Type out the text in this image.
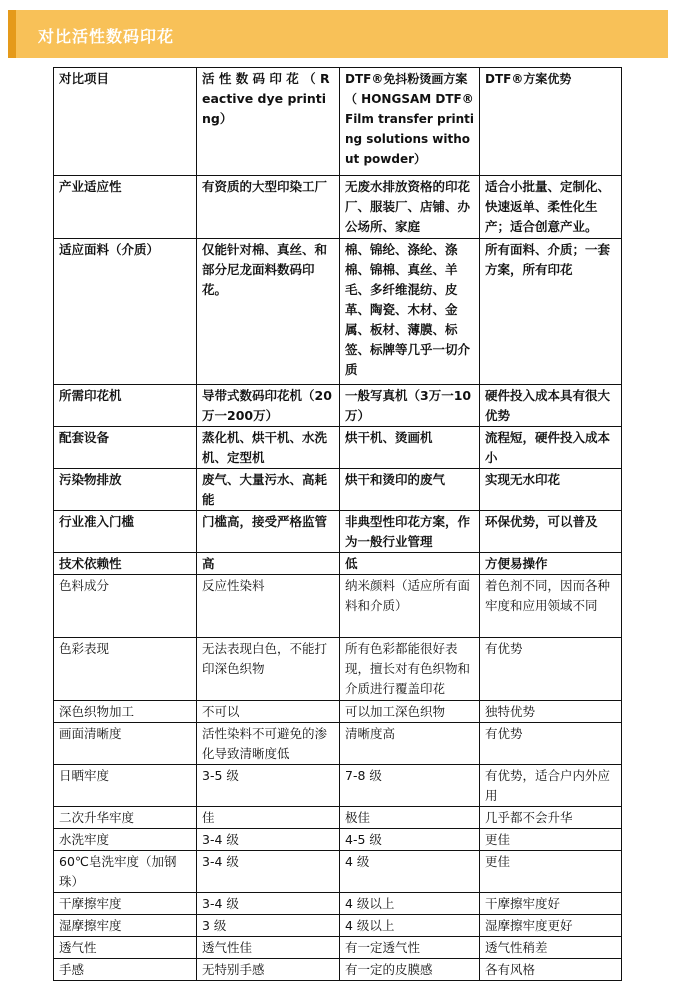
对比活性数码印花
对比项目	活 性 数 码 印 花 （ Reactive dye printing）	DTF®免抖粉烫画方案 （ HONGSAM DTF® Film transfer printing solutions without powder）	DTF®方案优势
产业适应性	有资质的大型印染工厂	无废水排放资格的印花厂、服装厂、店铺、办公场所、家庭	适合小批量、定制化、快速返单、柔性化生产；适合创意产业。
适应面料（介质）	仅能针对棉、真丝、和部分尼龙面料数码印花。	棉、锦纶、涤纶、涤棉、锦棉、真丝、羊毛、多纤维混纺、皮革、陶瓷、木材、金属、板材、薄膜、标签、标牌等几乎一切介质	所有面料、介质；一套方案，所有印花
所需印花机	导带式数码印花机（20万一200万）	一般写真机（3万一10万）	硬件投入成本具有很大优势
配套设备	蒸化机、烘干机、水洗机、定型机	烘干机、烫画机	流程短，硬件投入成本小
污染物排放	废气、大量污水、高耗能	烘干和烫印的废气	实现无水印花
行业准入门槛	门槛高，接受严格监管	非典型性印花方案，作为一般行业管理	环保优势，可以普及
技术依赖性	高	低	方便易操作
色料成分	反应性染料	纳米颜料（适应所有面料和介质）	着色剂不同，因而各种牢度和应用领域不同
色彩表现	无法表现白色，不能打印深色织物	所有色彩都能很好表现，擅长对有色织物和介质进行覆盖印花	有优势
深色织物加工	不可以	可以加工深色织物	独特优势
画面清晰度	活性染料不可避免的渗化导致清晰度低	清晰度高	有优势
日晒牢度	3-5 级	7-8 级	有优势，适合户内外应用
二次升华牢度	佳	极佳	几乎都不会升华
水洗牢度	3-4 级	4-5 级	更佳
60℃皂洗牢度（加钢珠）	3-4 级	4 级	更佳
干摩擦牢度	3-4 级	4 级以上	干摩擦牢度好
湿摩擦牢度	3 级	4 级以上	湿摩擦牢度更好
透气性	透气性佳	有一定透气性	透气性稍差
手感	无特别手感	有一定的皮膜感	各有风格
